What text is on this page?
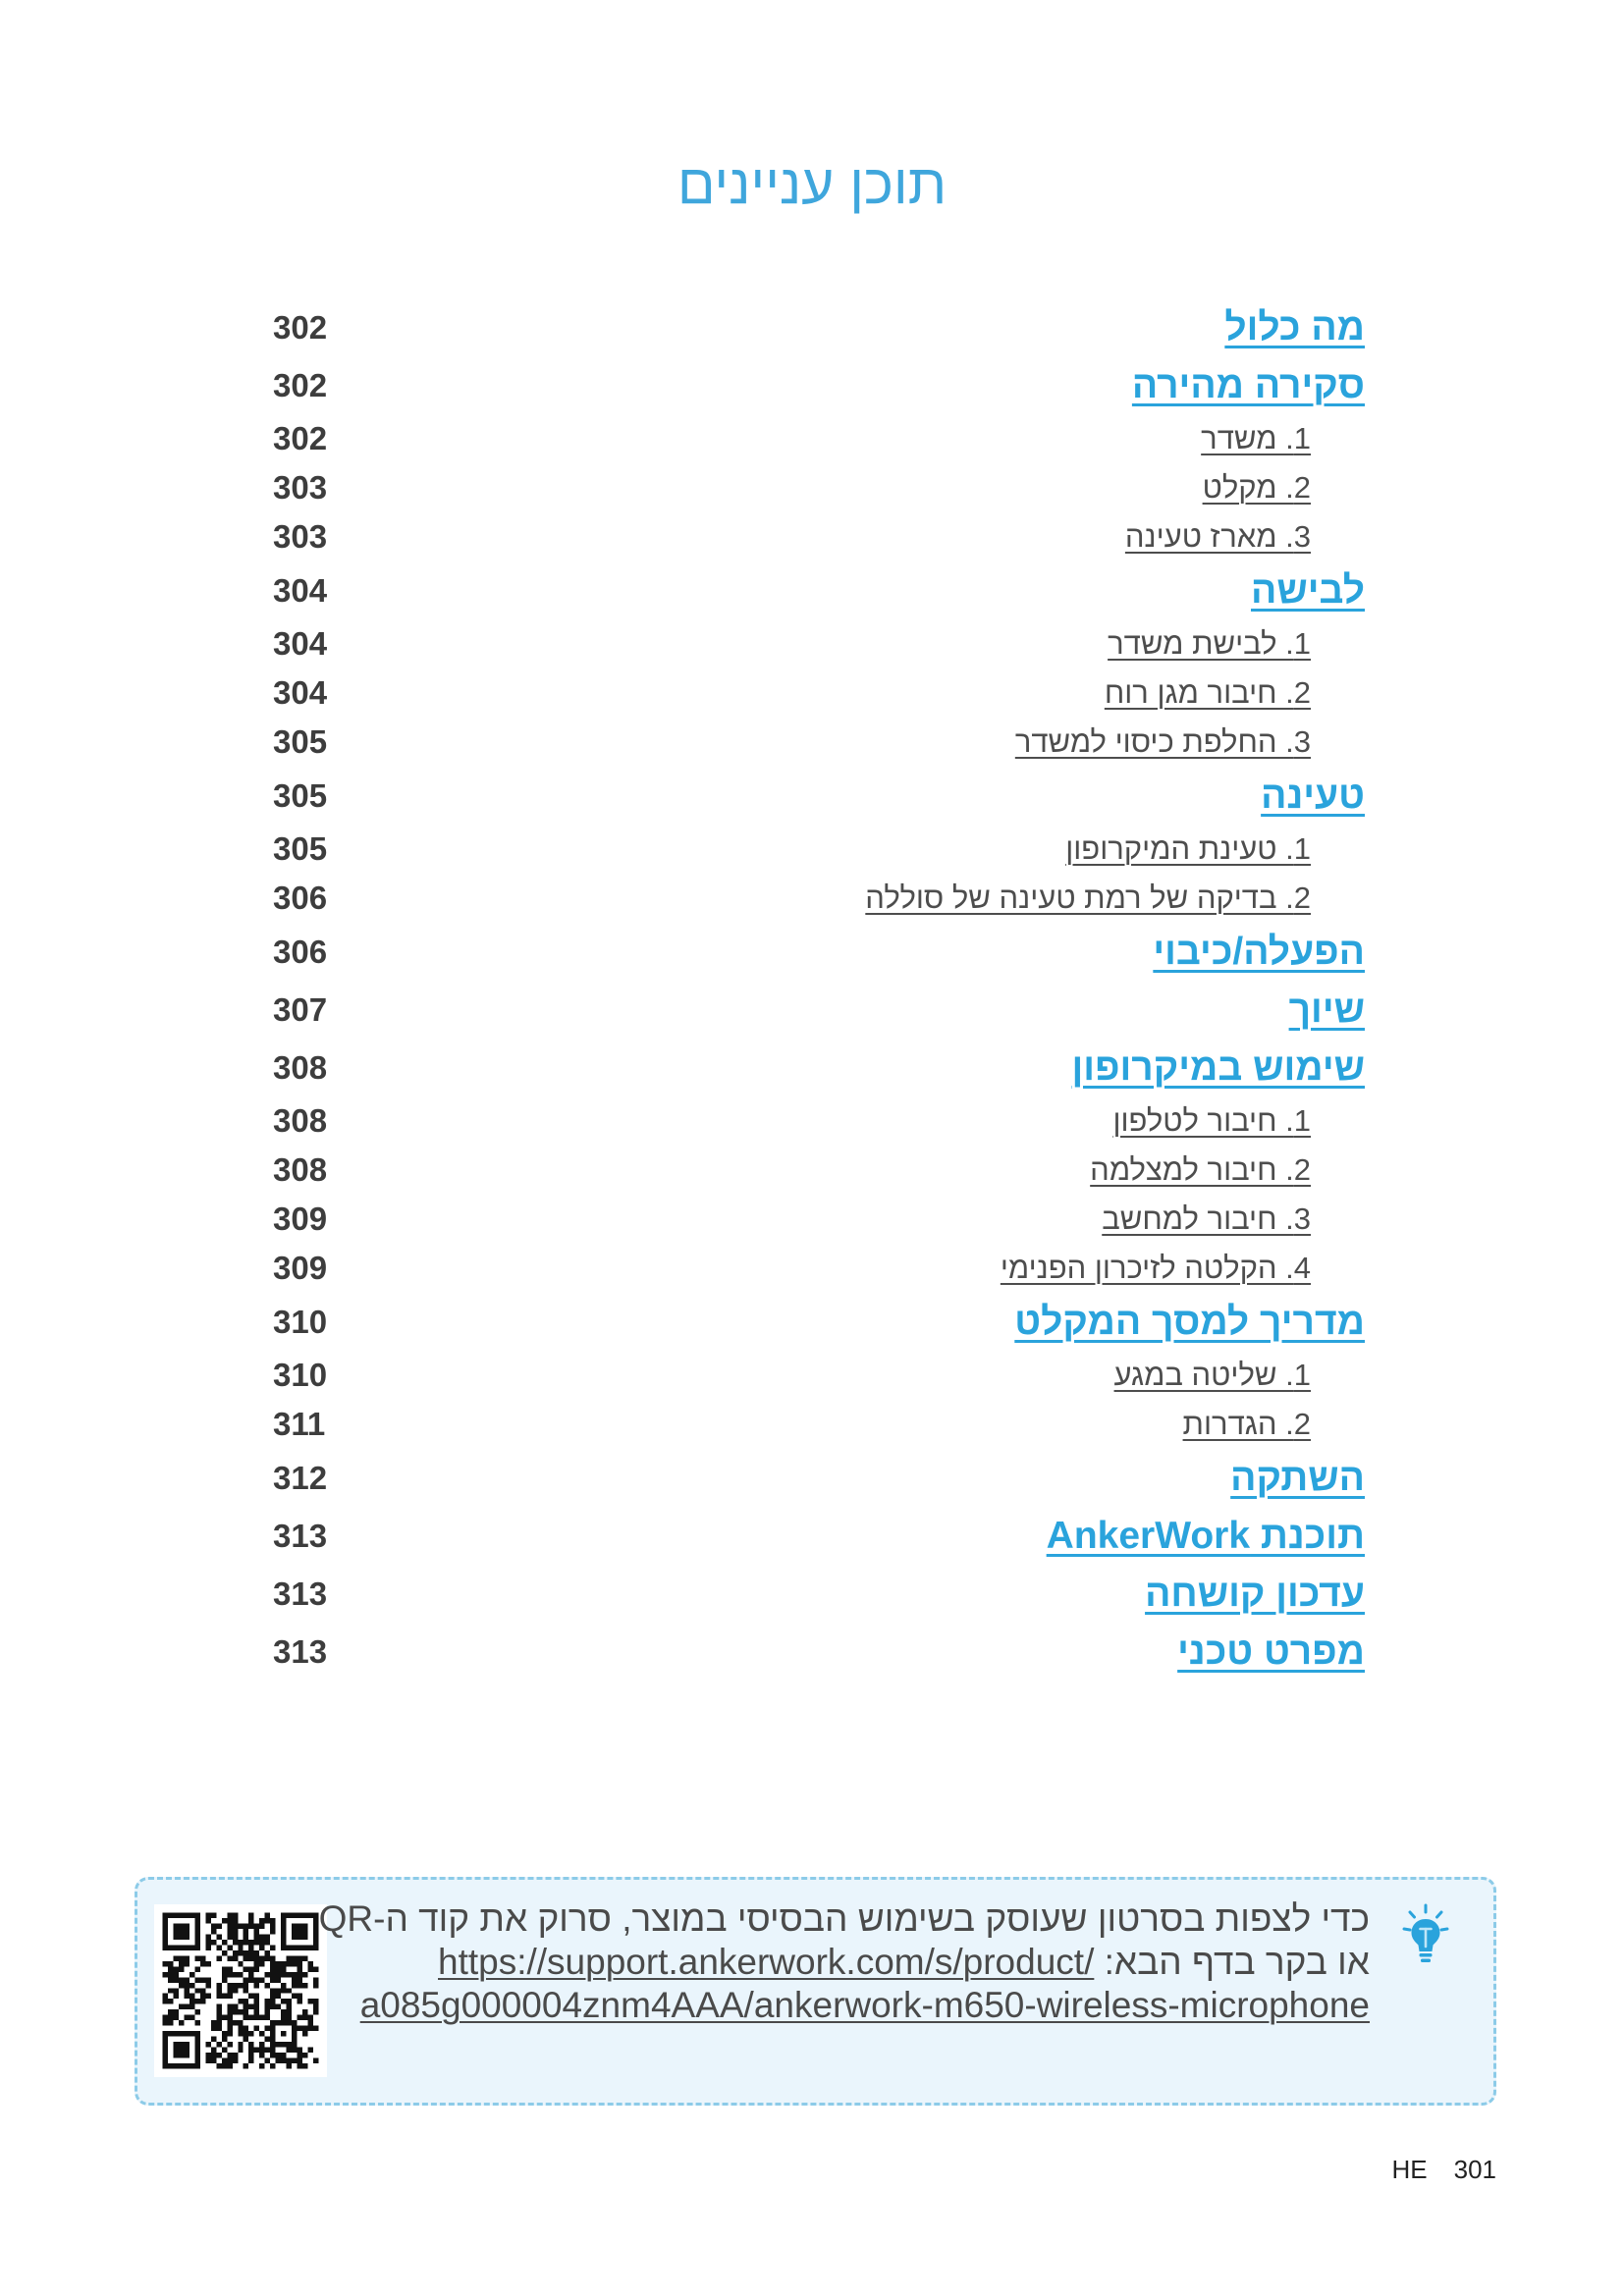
תוכן עניינים
302	מה כלול
302	סקירה מהירה
302	1. משדר
303	2. מקלט
303	3. מארז טעינה
304	לבישה
304	1. לבישת משדר
304	2. חיבור מגן רוח
305	3. החלפת כיסוי למשדר
305	טעינה
305	1. טעינת המיקרופון
306	2. בדיקה של רמת טעינה של סוללה
306	הפעלה/כיבוי
307	שיוך
308	שימוש במיקרופון
308	1. חיבור לטלפון
308	2. חיבור למצלמה
309	3. חיבור למחשב
309	4. הקלטה לזיכרון הפנימי
310	מדריך למסך המקלט
310	1. שליטה במגע
311	2. הגדרות
312	השתקה
313	תוכנת AnkerWork
313	עדכון קושחה
313	מפרט טכני
כדי לצפות בסרטון שעוסק בשימוש הבסיסי במוצר, סרוק את קוד ה-QR
או בקר בדף הבא: https://support.ankerwork.com/s/product/
a085g000004znm4AAA/ankerwork-m650-wireless-microphone
HE 301
